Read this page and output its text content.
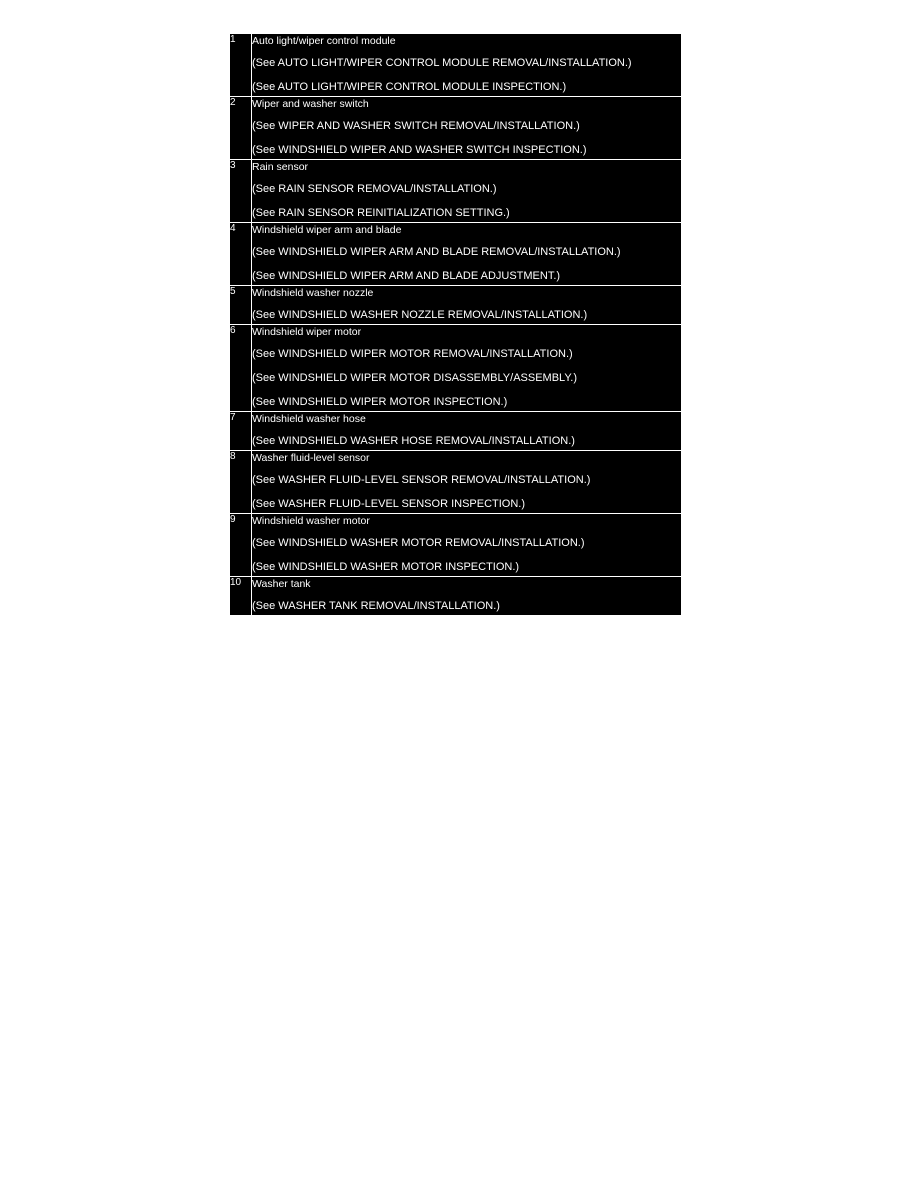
1	Auto light/wiper control module
(See AUTO LIGHT/WIPER CONTROL MODULE REMOVAL/INSTALLATION.)
(See AUTO LIGHT/WIPER CONTROL MODULE INSPECTION.)

2	Wiper and washer switch
(See WIPER AND WASHER SWITCH REMOVAL/INSTALLATION.)
(See WINDSHIELD WIPER AND WASHER SWITCH INSPECTION.)

3	Rain sensor
(See RAIN SENSOR REMOVAL/INSTALLATION.)
(See RAIN SENSOR REINITIALIZATION SETTING.)

4	Windshield wiper arm and blade
(See WINDSHIELD WIPER ARM AND BLADE REMOVAL/INSTALLATION.)
(See WINDSHIELD WIPER ARM AND BLADE ADJUSTMENT.)

5	Windshield washer nozzle
(See WINDSHIELD WASHER NOZZLE REMOVAL/INSTALLATION.)

6	Windshield wiper motor
(See WINDSHIELD WIPER MOTOR REMOVAL/INSTALLATION.)
(See WINDSHIELD WIPER MOTOR DISASSEMBLY/ASSEMBLY.)
(See WINDSHIELD WIPER MOTOR INSPECTION.)

7	Windshield washer hose
(See WINDSHIELD WASHER HOSE REMOVAL/INSTALLATION.)

8	Washer fluid-level sensor
(See WASHER FLUID-LEVEL SENSOR REMOVAL/INSTALLATION.)
(See WASHER FLUID-LEVEL SENSOR INSPECTION.)

9	Windshield washer motor
(See WINDSHIELD WASHER MOTOR REMOVAL/INSTALLATION.)
(See WINDSHIELD WASHER MOTOR INSPECTION.)

10	Washer tank
(See WASHER TANK REMOVAL/INSTALLATION.)
